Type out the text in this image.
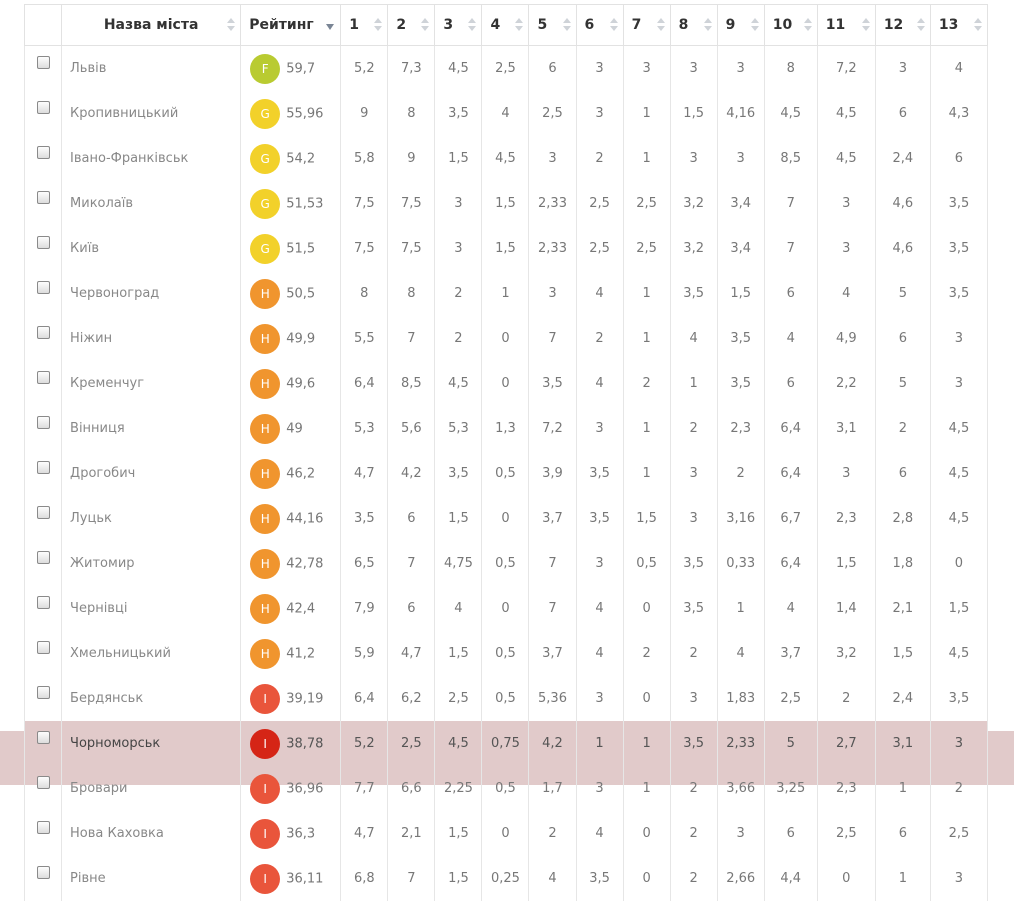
	Назва міста	Рейтинг	1	2	3	4	5	6	7	8	9	10	11	12	13

	Львів	F 59,7	5,2	7,3	4,5	2,5	6	3	3	3	3	8	7,2	3	4
	Кропивницький	G 55,96	9	8	3,5	4	2,5	3	1	1,5	4,16	4,5	4,5	6	4,3
	Івано-Франківськ	G 54,2	5,8	9	1,5	4,5	3	2	1	3	3	8,5	4,5	2,4	6
	Миколаїв	G 51,53	7,5	7,5	3	1,5	2,33	2,5	2,5	3,2	3,4	7	3	4,6	3,5
	Київ	G 51,5	7,5	7,5	3	1,5	2,33	2,5	2,5	3,2	3,4	7	3	4,6	3,5
	Червоноград	H 50,5	8	8	2	1	3	4	1	3,5	1,5	6	4	5	3,5
	Ніжин	H 49,9	5,5	7	2	0	7	2	1	4	3,5	4	4,9	6	3
	Кременчуг	H 49,6	6,4	8,5	4,5	0	3,5	4	2	1	3,5	6	2,2	5	3
	Вінниця	H 49	5,3	5,6	5,3	1,3	7,2	3	1	2	2,3	6,4	3,1	2	4,5
	Дрогобич	H 46,2	4,7	4,2	3,5	0,5	3,9	3,5	1	3	2	6,4	3	6	4,5
	Луцьк	H 44,16	3,5	6	1,5	0	3,7	3,5	1,5	3	3,16	6,7	2,3	2,8	4,5
	Житомир	H 42,78	6,5	7	4,75	0,5	7	3	0,5	3,5	0,33	6,4	1,5	1,8	0
	Чернівці	H 42,4	7,9	6	4	0	7	4	0	3,5	1	4	1,4	2,1	1,5
	Хмельницький	H 41,2	5,9	4,7	1,5	0,5	3,7	4	2	2	4	3,7	3,2	1,5	4,5
	Бердянськ	I 39,19	6,4	6,2	2,5	0,5	5,36	3	0	3	1,83	2,5	2	2,4	3,5
	Чорноморськ	I 38,78	5,2	2,5	4,5	0,75	4,2	1	1	3,5	2,33	5	2,7	3,1	3
	Бровари	I 36,96	7,7	6,6	2,25	0,5	1,7	3	1	2	3,66	3,25	2,3	1	2
	Нова Каховка	I 36,3	4,7	2,1	1,5	0	2	4	0	2	3	6	2,5	6	2,5
	Рівне	I 36,11	6,8	7	1,5	0,25	4	3,5	0	2	2,66	4,4	0	1	3
